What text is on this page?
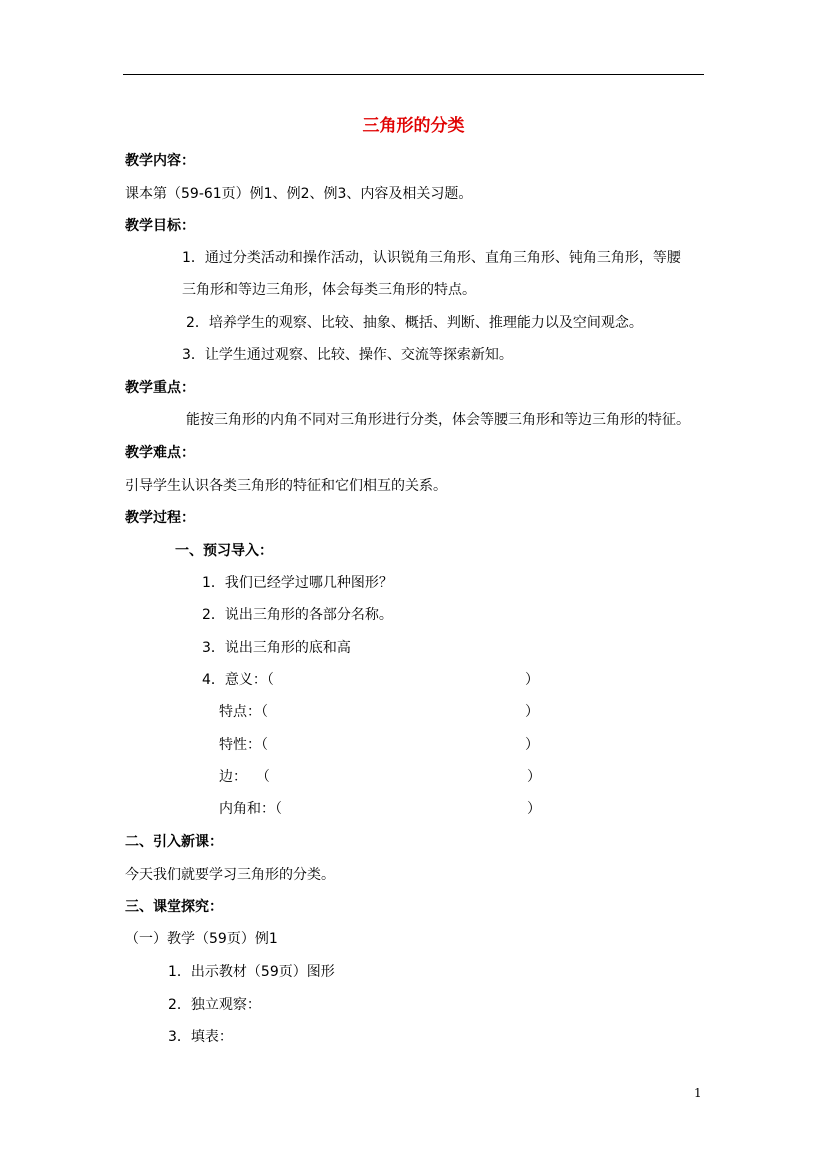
三角形的分类
教学内容：
课本第（59-61页）例1、例2、例3、内容及相关习题。
教学目标：
1．通过分类活动和操作活动，认识锐角三角形、直角三角形、钝角三角形，等腰
三角形和等边三角形，体会每类三角形的特点。
2．培养学生的观察、比较、抽象、概括、判断、推理能力以及空间观念。
3．让学生通过观察、比较、操作、交流等探索新知。
教学重点：
能按三角形的内角不同对三角形进行分类，体会等腰三角形和等边三角形的特征。
教学难点：
引导学生认识各类三角形的特征和它们相互的关系。
教学过程：
一、预习导入：
1．我们已经学过哪几种图形？
2．说出三角形的各部分名称。
3．说出三角形的底和高
4．意义：（	）
特点：（	）
特性：（	）
边：  （	）
内角和：（	）
二、引入新课：
今天我们就要学习三角形的分类。
三、课堂探究：
（一）教学（59页）例1
1．出示教材（59页）图形
2．独立观察：
3．填表：
1
